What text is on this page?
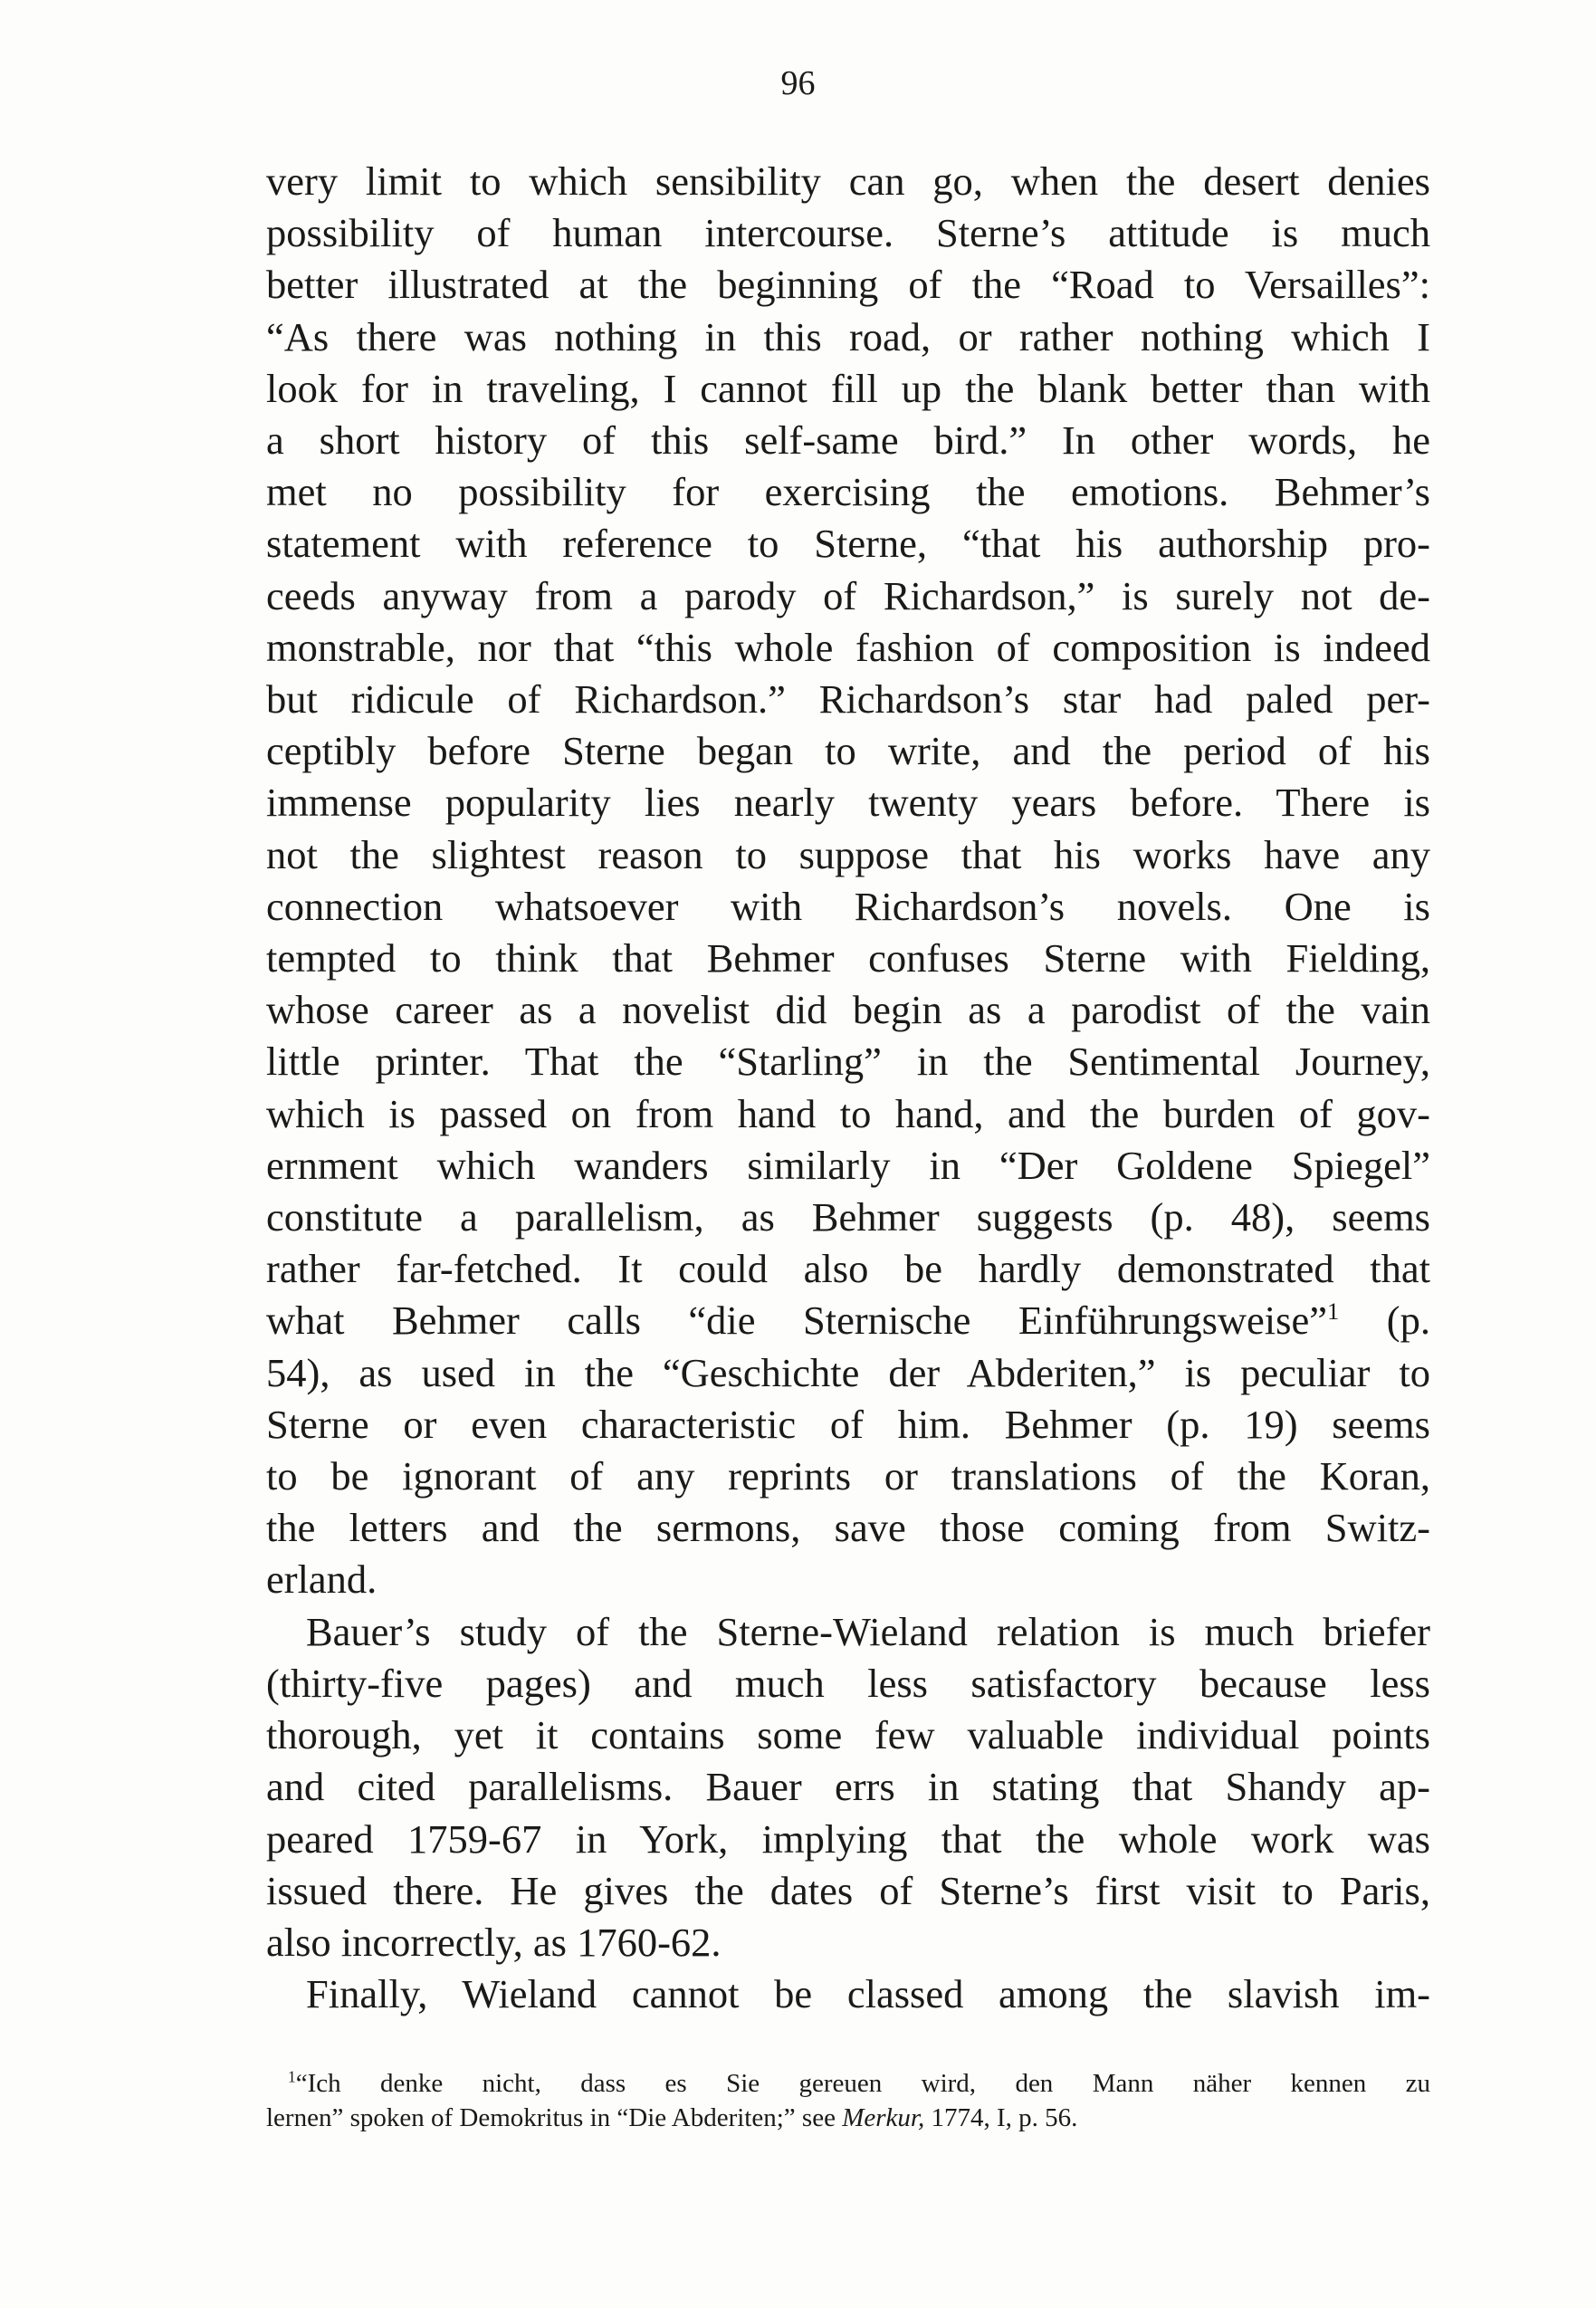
96

very limit to which sensibility can go, when the desert denies
possibility of human intercourse. Sterne’s attitude is much
better illustrated at the beginning of the “Road to Versailles”:
“As there was nothing in this road, or rather nothing which I
look for in traveling, I cannot fill up the blank better than with
a short history of this self-same bird.” In other words, he
met no possibility for exercising the emotions. Behmer’s
statement with reference to Sterne, “that his authorship pro-
ceeds anyway from a parody of Richardson,” is surely not de-
monstrable, nor that “this whole fashion of composition is indeed
but ridicule of Richardson.” Richardson’s star had paled per-
ceptibly before Sterne began to write, and the period of his
immense popularity lies nearly twenty years before. There is
not the slightest reason to suppose that his works have any
connection whatsoever with Richardson’s novels. One is
tempted to think that Behmer confuses Sterne with Fielding,
whose career as a novelist did begin as a parodist of the vain
little printer. That the “Starling” in the Sentimental Journey,
which is passed on from hand to hand, and the burden of gov-
ernment which wanders similarly in “Der Goldene Spiegel”
constitute a parallelism, as Behmer suggests (p. 48), seems
rather far-fetched. It could also be hardly demonstrated that
what Behmer calls “die Sternische Einführungsweise”$^1$ (p.
54), as used in the “Geschichte der Abderiten,” is peculiar to
Sterne or even characteristic of him. Behmer (p. 19) seems
to be ignorant of any reprints or translations of the Koran,
the letters and the sermons, save those coming from Switz-
erland.

Bauer’s study of the Sterne-Wieland relation is much briefer
(thirty-five pages) and much less satisfactory because less
thorough, yet it contains some few valuable individual points
and cited parallelisms. Bauer errs in stating that Shandy ap-
peared 1759-67 in York, implying that the whole work was
issued there. He gives the dates of Sterne’s first visit to Paris,
also incorrectly, as 1760-62.

Finally, Wieland cannot be classed among the slavish im-

$^1$“Ich denke nicht, dass es Sie gereuen wird, den Mann näher kennen zu
lernen” spoken of Demokritus in “Die Abderiten;” see Merkur, 1774, I, p. 56.
